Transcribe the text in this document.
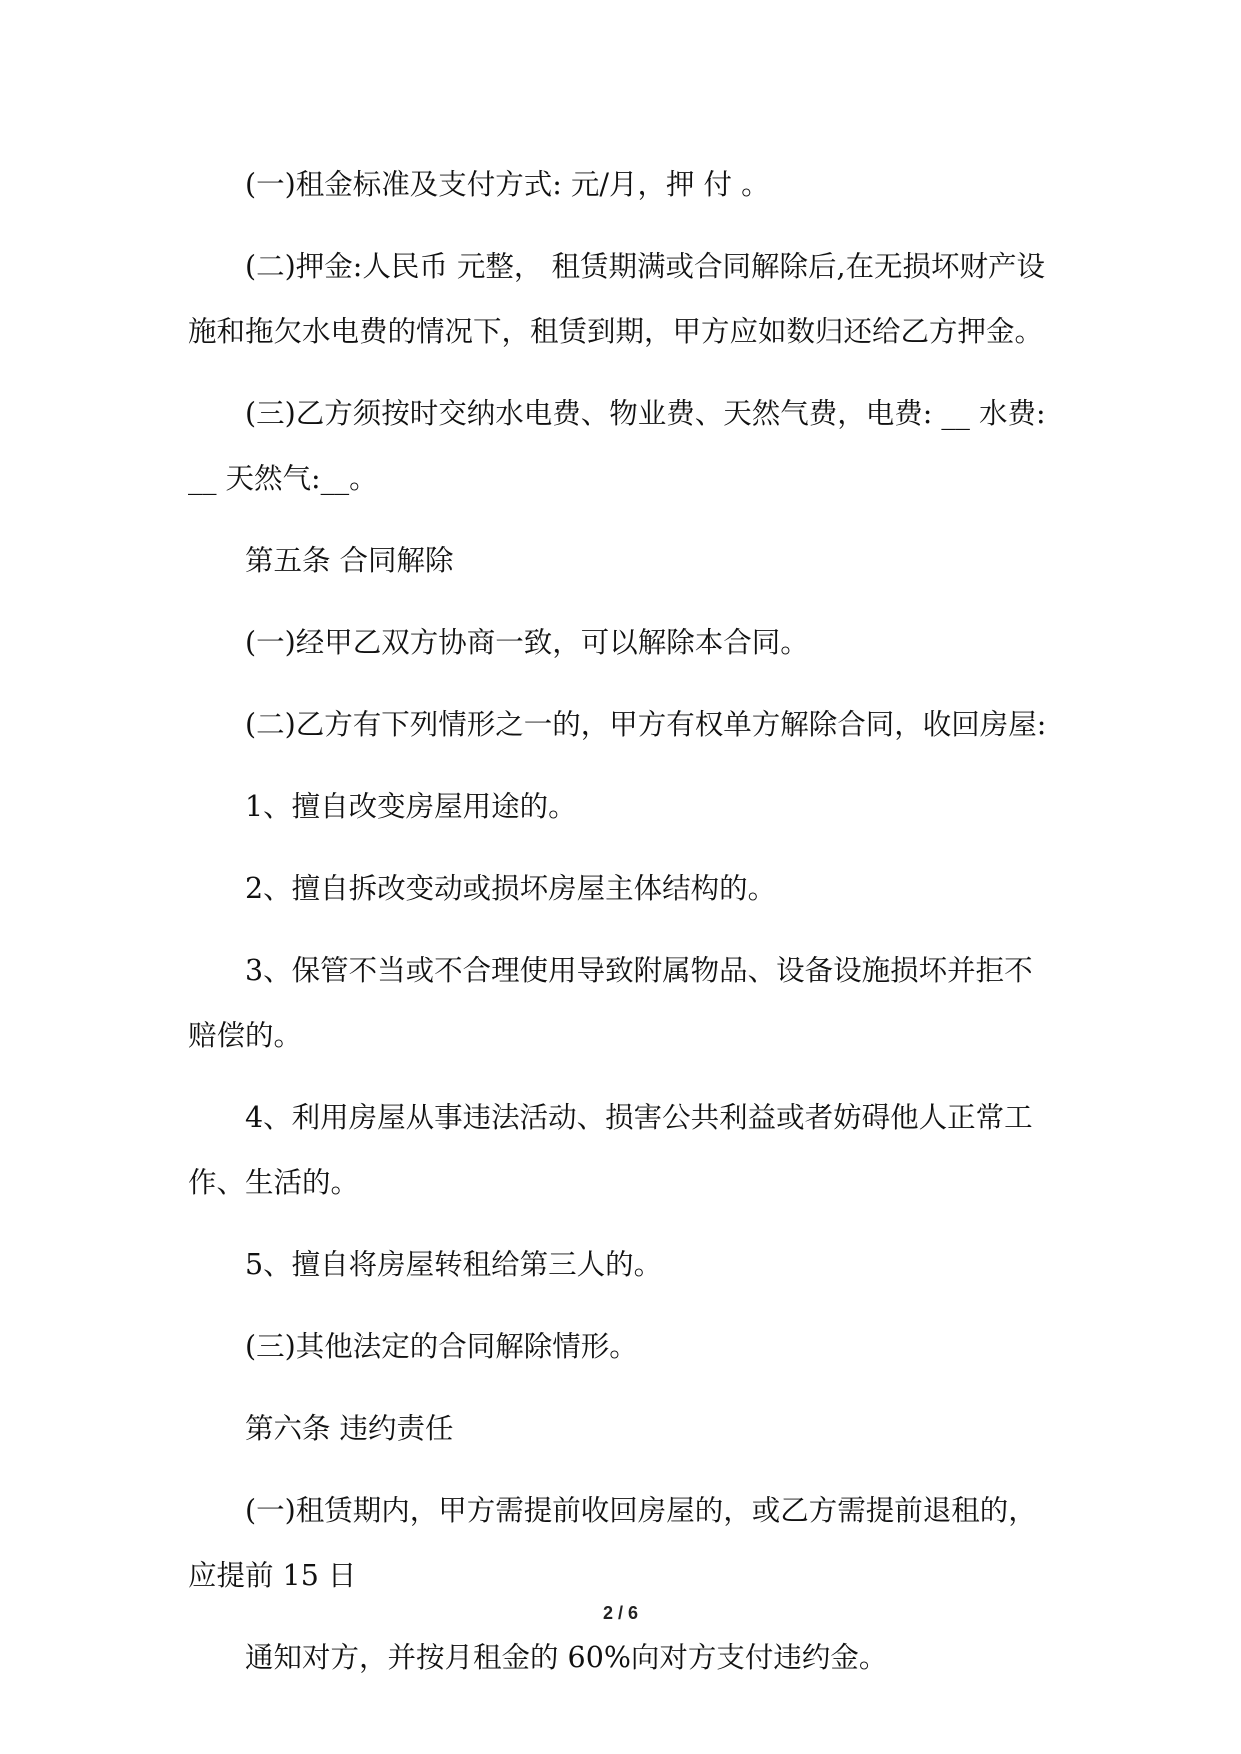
(一)租金标准及支付方式: 元/月，押 付 。

(二)押金:人民币 元整， 租赁期满或合同解除后,在无损坏财产设施和拖欠水电费的情况下，租赁到期，甲方应如数归还给乙方押金。

(三)乙方须按时交纳水电费、物业费、天然气费，电费: __ 水费:__ 天然气:__。

第五条 合同解除

(一)经甲乙双方协商一致，可以解除本合同。

(二)乙方有下列情形之一的，甲方有权单方解除合同，收回房屋:

1、擅自改变房屋用途的。

2、擅自拆改变动或损坏房屋主体结构的。

3、保管不当或不合理使用导致附属物品、设备设施损坏并拒不赔偿的。

4、利用房屋从事违法活动、损害公共利益或者妨碍他人正常工作、生活的。

5、擅自将房屋转租给第三人的。

(三)其他法定的合同解除情形。

第六条 违约责任

(一)租赁期内，甲方需提前收回房屋的，或乙方需提前退租的，应提前 15 日

通知对方，并按月租金的 60%向对方支付违约金。

2 / 6
